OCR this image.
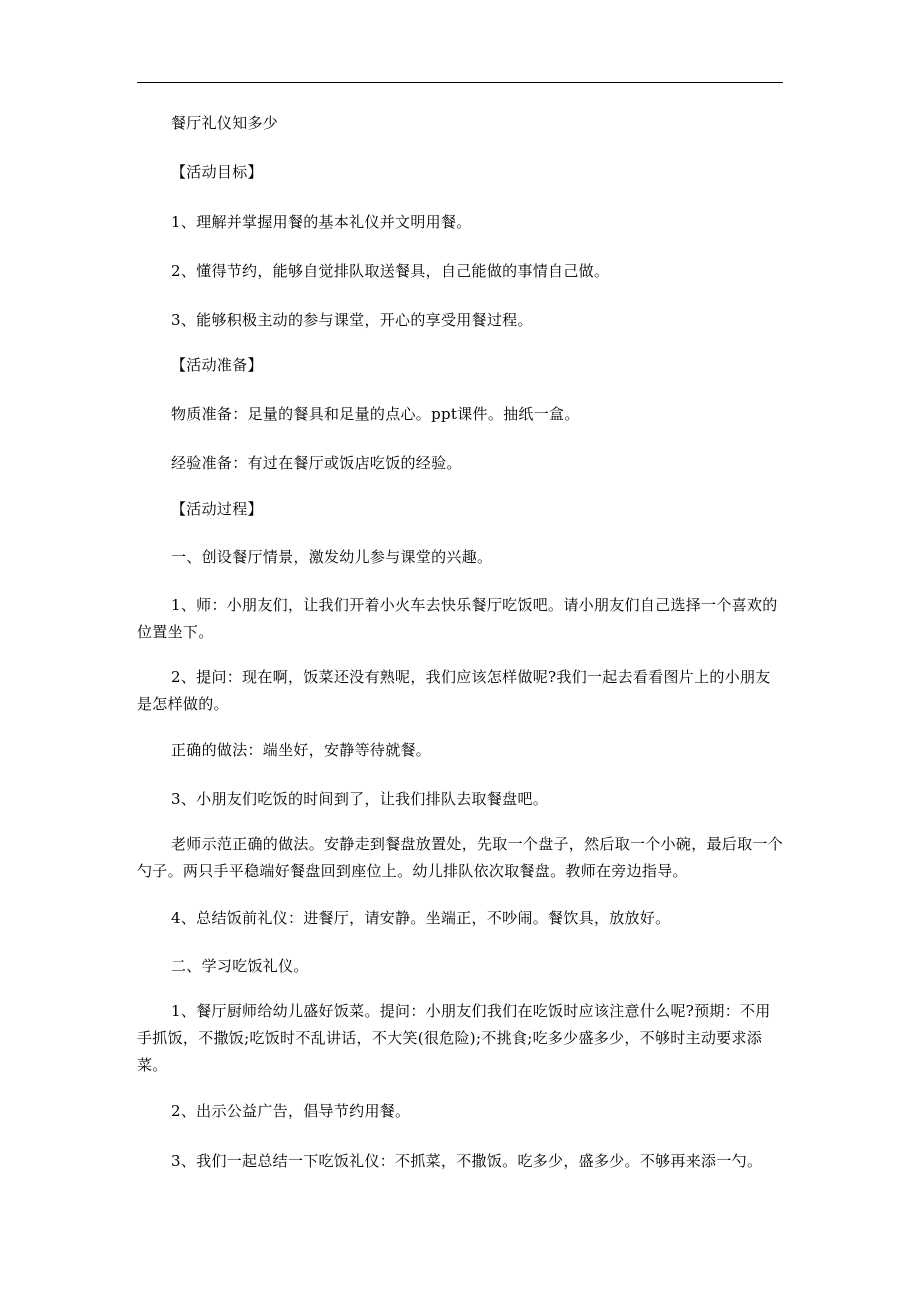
餐厅礼仪知多少

【活动目标】

1、理解并掌握用餐的基本礼仪并文明用餐。

2、懂得节约，能够自觉排队取送餐具，自己能做的事情自己做。

3、能够积极主动的参与课堂，开心的享受用餐过程。

【活动准备】

物质准备：足量的餐具和足量的点心。ppt课件。抽纸一盒。

经验准备：有过在餐厅或饭店吃饭的经验。

【活动过程】

一、创设餐厅情景，激发幼儿参与课堂的兴趣。

1、师：小朋友们，让我们开着小火车去快乐餐厅吃饭吧。请小朋友们自己选择一个喜欢的位置坐下。

2、提问：现在啊，饭菜还没有熟呢，我们应该怎样做呢?我们一起去看看图片上的小朋友是怎样做的。

正确的做法：端坐好，安静等待就餐。

3、小朋友们吃饭的时间到了，让我们排队去取餐盘吧。

老师示范正确的做法。安静走到餐盘放置处，先取一个盘子，然后取一个小碗，最后取一个勺子。两只手平稳端好餐盘回到座位上。幼儿排队依次取餐盘。教师在旁边指导。

4、总结饭前礼仪：进餐厅，请安静。坐端正，不吵闹。餐饮具，放放好。

二、学习吃饭礼仪。

1、餐厅厨师给幼儿盛好饭菜。提问：小朋友们我们在吃饭时应该注意什么呢?预期：不用手抓饭，不撒饭;吃饭时不乱讲话，不大笑(很危险);不挑食;吃多少盛多少，不够时主动要求添菜。

2、出示公益广告，倡导节约用餐。

3、我们一起总结一下吃饭礼仪：不抓菜，不撒饭。吃多少，盛多少。不够再来添一勺。
